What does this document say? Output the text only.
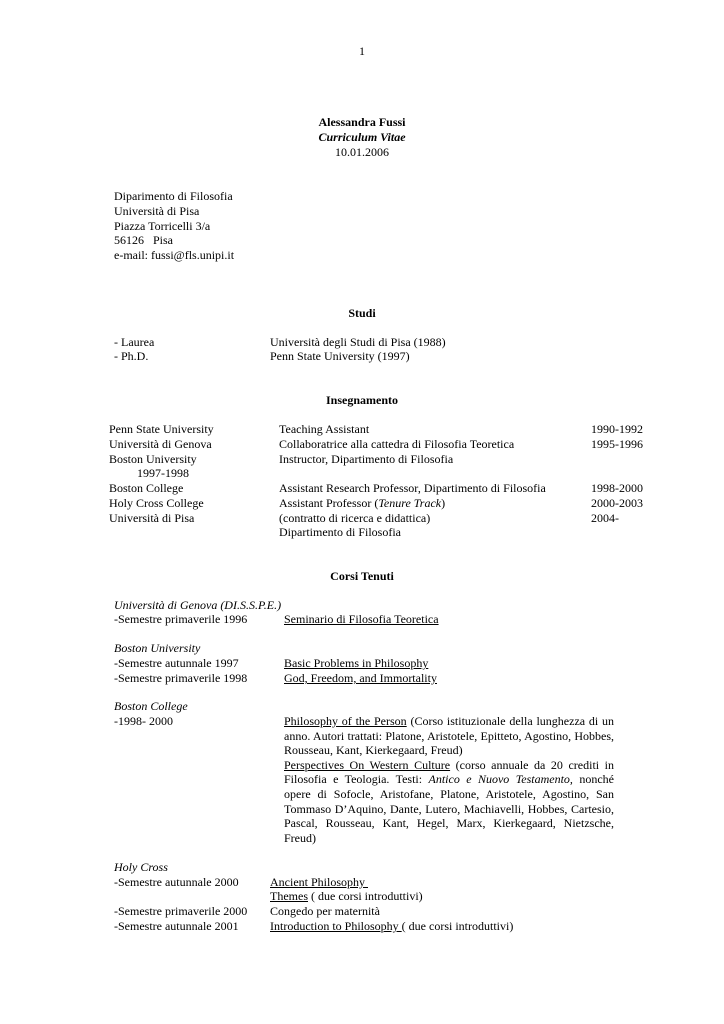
1
Alessandra Fussi
Curriculum Vitae
10.01.2006
Diparimento di Filosofia
Università di Pisa
Piazza Torricelli 3/a
56126   Pisa
e-mail: fussi@fls.unipi.it
Studi
- Laurea	Università degli Studi di Pisa (1988)
- Ph.D.	Penn State University (1997)
Insegnamento
Penn State University	Teaching Assistant	1990-1992
Università di Genova	Collaboratrice alla cattedra di Filosofia Teoretica	1995-1996
Boston University	Instructor, Dipartimento di Filosofia
1997-1998
Boston College	Assistant Research Professor, Dipartimento di Filosofia	1998-2000
Holy Cross College	Assistant Professor (Tenure Track)	2000-2003
Università di Pisa	(contratto di ricerca e didattica)	2004-
Dipartimento di Filosofia
Corsi Tenuti
Università di Genova (DI.S.S.P.E.)
-Semestre primaverile 1996	Seminario di Filosofia Teoretica
Boston University
-Semestre autunnale 1997	Basic Problems in Philosophy
-Semestre primaverile 1998	God, Freedom, and Immortality
Boston College
-1998- 2000	Philosophy of the Person (Corso istituzionale della lunghezza di un anno. Autori trattati: Platone, Aristotele, Epitteto, Agostino, Hobbes, Rousseau, Kant, Kierkegaard, Freud)
Perspectives On Western Culture (corso annuale da 20 crediti in Filosofia e Teologia. Testi: Antico e Nuovo Testamento, nonché opere di Sofocle, Aristofane, Platone, Aristotele, Agostino, San Tommaso D’Aquino, Dante, Lutero, Machiavelli, Hobbes, Cartesio, Pascal, Rousseau, Kant, Hegel, Marx, Kierkegaard, Nietzsche, Freud)
Holy Cross
-Semestre autunnale 2000	Ancient Philosophy
Themes ( due corsi introduttivi)
-Semestre primaverile 2000 Congedo per maternità
-Semestre autunnale 2001	Introduction to Philosophy ( due corsi introduttivi)
